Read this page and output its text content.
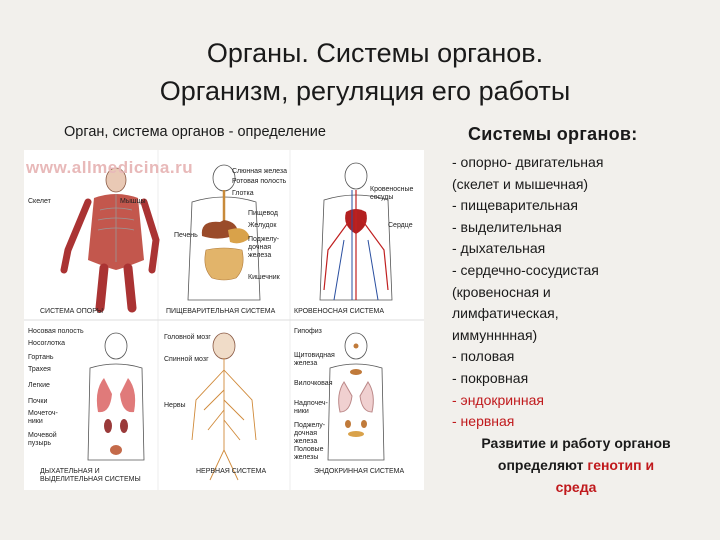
Органы. Системы органов.
Организм, регуляция его работы
Орган, система органов - определение
www.allmedicina.ru
Скелет	Мышцы
СИСТЕМА ОПОРЫ
Слюнная железа
Ротовая полость
Глотка
Печень
Пищевод
Желудок
Поджелу-дочная железа
Кишечник
ПИЩЕВАРИТЕЛЬНАЯ СИСТЕМА
Кровеносные сосуды
Сердце
КРОВЕНОСНАЯ СИСТЕМА
Носовая полость
Носоглотка
Гортань
Трахея
Легкие
Почки
Мочеточ-ники
Мочевой пузырь
ДЫХАТЕЛЬНАЯ И ВЫДЕЛИТЕЛЬНАЯ СИСТЕМЫ
Головной мозг
Спинной мозг
Нервы
НЕРВНАЯ СИСТЕМА
Гипофиз
Щитовидная железа
Вилочковая
Надпочеч-ники
Поджелу-дочная железа
Половые железы
ЭНДОКРИННАЯ СИСТЕМА
Системы органов:
- опорно- двигательная
(скелет и мышечная)
- пищеварительная
- выделительная
- дыхательная
- сердечно-сосудистая
(кровеносная и
лимфатическая,
иммунннная)
- половая
- покровная
- эндокринная
- нервная
Развитие и работу органов
определяют генотип и
среда
